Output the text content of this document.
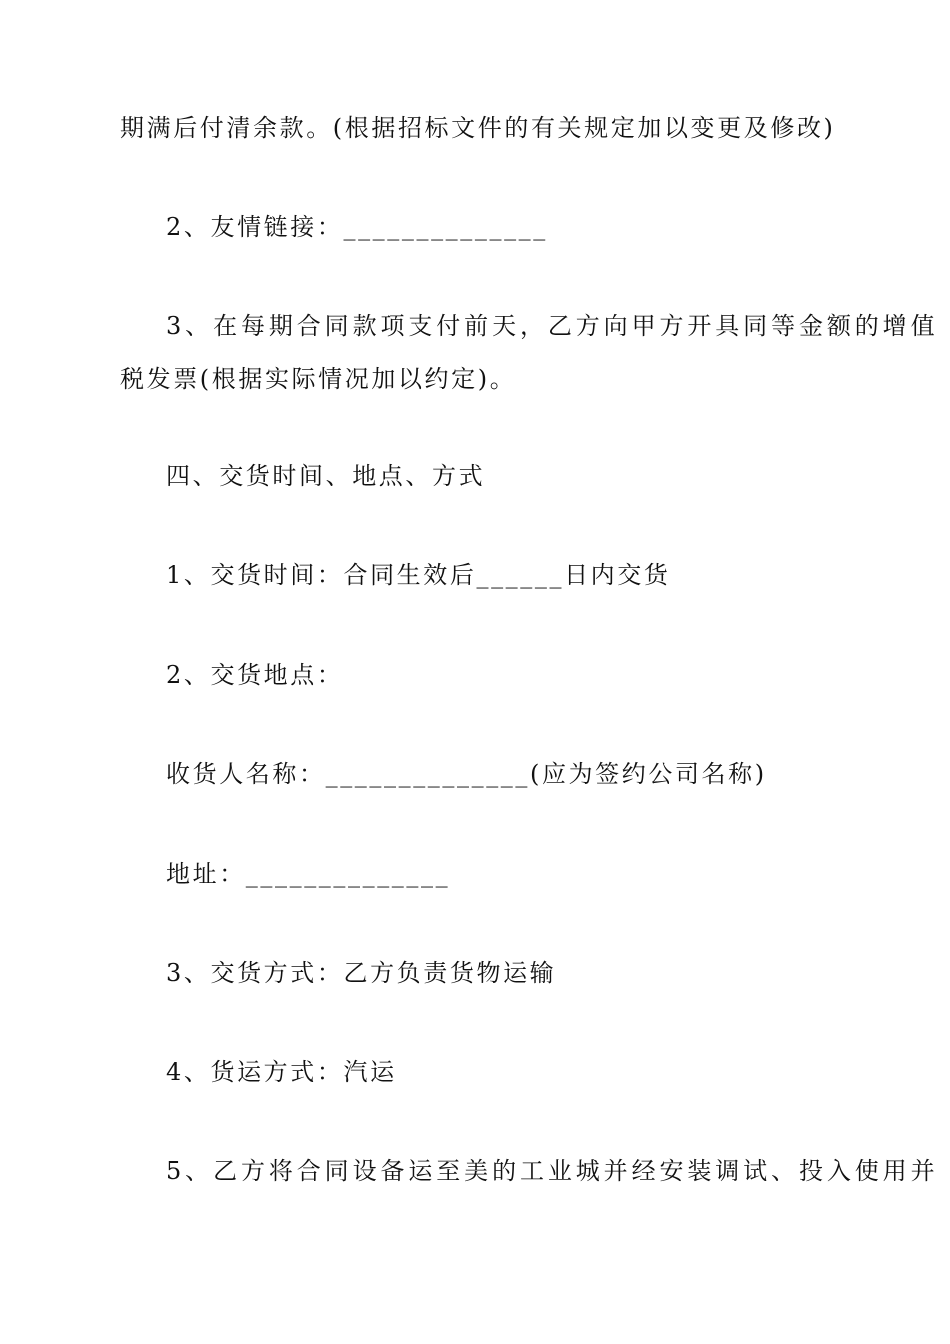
期满后付清余款。(根据招标文件的有关规定加以变更及修改)
2、友情链接：______________
3、在每期合同款项支付前天，乙方向甲方开具同等金额的增值
税发票(根据实际情况加以约定)。
四、交货时间、地点、方式
1、交货时间：合同生效后______日内交货
2、交货地点：
收货人名称：______________(应为签约公司名称)
地址：______________
3、交货方式：乙方负责货物运输
4、货运方式：汽运
5、乙方将合同设备运至美的工业城并经安装调试、投入使用并
